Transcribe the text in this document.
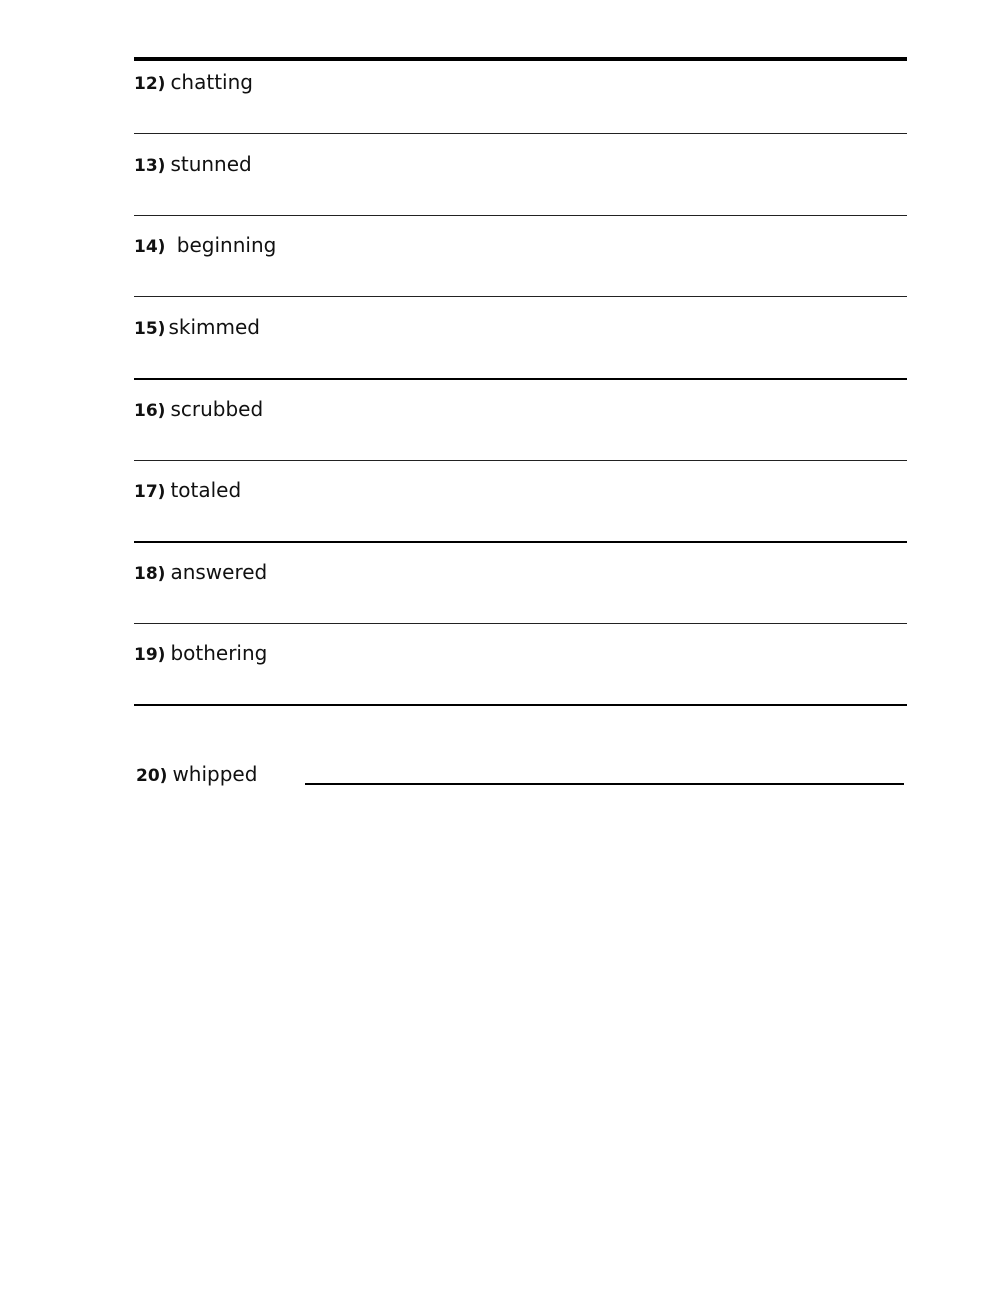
12) chatting
13) stunned
14) beginning
15) skimmed
16) scrubbed
17) totaled
18) answered
19) bothering
20) whipped
